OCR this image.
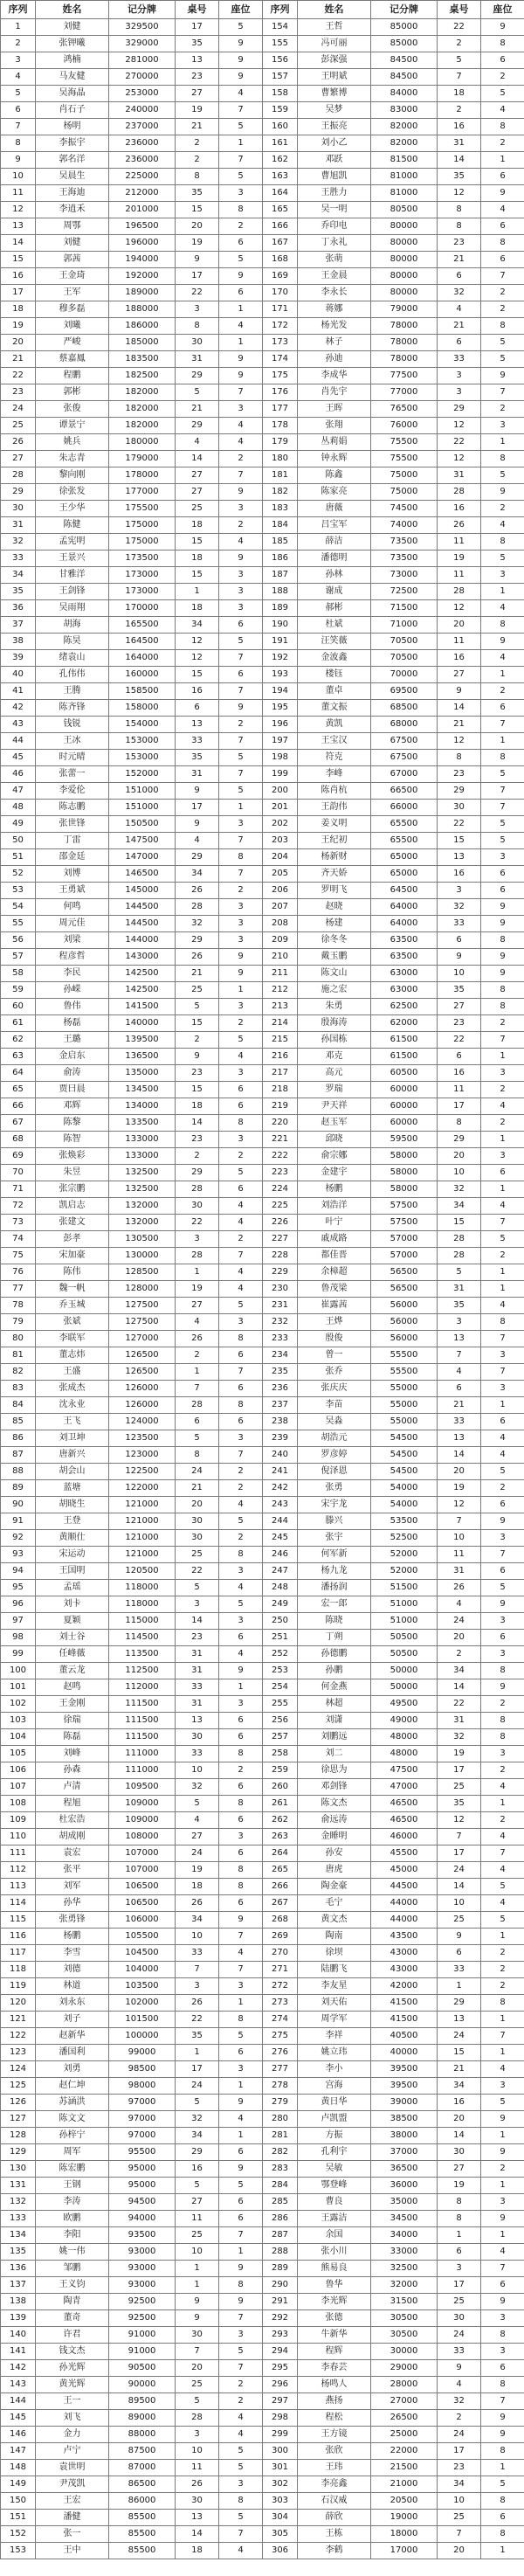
序列	姓名	记分牌	桌号	座位
1	刘健	329500	17	5
2	张钾曦	329000	35	9
3	鸿楠	281000	13	9
4	马友健	270000	23	9
5	吴海晶	253000	27	4
6	肖石子	240000	19	7
7	杨明	237000	21	5
8	李振宇	236000	2	1
9	郭名洋	236000	2	7
10	吴晨生	225000	8	5
11	王海迪	212000	35	3
12	李逍禾	201000	15	8
13	周鄂	196500	20	2
14	刘健	196000	19	6
15	郭茜	194000	9	5
16	王金琦	192000	17	9
17	王军	189000	22	6
18	穆多磊	188000	3	1
19	刘曦	186000	8	4
20	严峻	185000	30	1
21	蔡嘉鳳	183500	31	9
22	程鹏	182500	29	9
23	郭彬	182000	5	7
24	张俊	182000	21	3
25	谭景宁	182000	29	4
26	姚兵	180000	4	4
27	朱志青	179000	14	2
28	黎向刚	178000	27	7
29	徐张发	177000	27	9
30	王少华	175500	25	3
31	陈健	175000	18	2
32	孟宪明	175000	15	4
33	王景兴	173500	18	9
34	甘雅洋	173000	15	3
35	王剑锋	173000	1	3
36	吴雨翔	170000	18	3
37	胡海	165500	34	6
38	陈昊	164500	12	5
39	绪袁山	164000	12	7
40	孔伟伟	160000	15	6
41	王腾	158500	16	7
42	陈齐锋	158000	6	9
43	钱锐	154000	13	2
44	王冰	153000	33	7
45	时元晴	153000	35	5
46	张蕾一	152000	31	7
47	李爱伦	151000	9	5
48	陈志鹏	151000	17	1
49	张世锋	150500	9	3
50	丁雷	147500	4	7
51	邵金廷	147000	29	8
52	刘博	146500	34	7
53	王勇斌	145000	26	2
54	何鸣	144500	28	3
55	周元佳	144500	32	3
56	刘梁	144000	29	3
57	程彦哲	143000	26	9
58	李民	142500	21	9
59	孙嵘	142500	25	1
60	鲁伟	141500	5	3
61	杨磊	140000	15	2
62	王璐	139500	2	5
63	金启东	136500	9	4
64	俞涛	135000	23	3
65	贾曰晨	134500	15	6
66	邓辉	134000	18	6
67	陈黎	133500	14	8
68	陈智	133000	23	3
69	张焕彩	133000	2	2
70	朱昱	132500	29	5
71	张宗鹏	132500	28	6
72	凯启志	132000	30	4
73	张建文	132000	22	4
74	彭孝	130500	3	2
75	宋加豪	130000	28	7
76	陈伟	128500	1	4
77	魏一帆	128000	19	4
78	乔玉城	127500	27	5
79	张斌	127500	4	3
80	李联军	127000	26	8
81	董志炜	126500	2	6
82	王盛	126500	1	7
83	张成杰	126000	7	6
84	沈永业	126000	28	8
85	王飞	124000	6	6
86	刘卫坤	123500	5	3
87	唐新兴	123000	8	7
88	胡会山	122500	24	2
89	蓝塘	122000	21	2
90	胡晓生	121000	20	4
91	王登	121000	30	5
92	黄顺仕	121000	30	2
93	宋运动	121000	25	8
94	王国明	120500	22	3
95	孟瑶	118000	5	4
96	刘卡	118000	3	5
97	夏颖	115000	14	3
98	刘士谷	114500	23	6
99	任峰薇	113500	31	4
100	董云龙	112500	31	9
101	赵鸣	112000	33	1
102	王金刚	111500	31	3
103	徐瑞	111500	13	6
104	陈磊	111500	30	6
105	刘峰	111000	33	8
106	孙森	111000	10	2
107	卢清	109500	32	6
108	程旭	109000	5	8
109	杜宏浩	109000	4	6
110	胡成刚	108000	27	3
111	袁宏	107000	24	6
112	张平	107000	19	8
113	刘军	106500	18	8
114	孙华	106500	26	6
115	张勇锋	106000	34	9
116	杨鹏	105500	10	7
117	李雪	104500	33	4
118	刘德	104000	7	7
119	林道	103500	3	3
120	刘永东	102000	26	1
121	刘子	101500	22	8
122	赵新华	100000	35	5
123	潘国利	99000	1	6
124	刘勇	98500	17	3
125	赵仁坤	98000	24	1
126	苏涵洪	97000	5	9
127	陈文文	97000	32	4
128	孙梓宁	97000	34	1
129	周军	95500	29	6
130	陈宏鹏	95000	16	9
131	王钢	95000	5	5
132	李涛	94500	27	6
133	欧鹏	94000	11	6
134	李阳	93500	25	7
135	姚一伟	93000	10	1
136	邹鹏	93000	1	9
137	王义钧	93000	1	8
138	陶青	92500	9	9
139	董奇	92500	9	7
140	许君	91000	30	3
141	钱文杰	91000	7	5
142	孙光辉	90500	20	7
143	黄光辉	90000	25	2
144	王一	89500	5	2
145	刘飞	89000	28	4
146	金力	88000	3	4
147	卢宁	87500	10	5
148	袁世明	87000	11	5
149	尹茂凯	86500	26	3
150	王宏	86000	30	8
151	潘健	85500	13	5
152	张一	85500	14	7
153	王中	85500	18	4
序列	姓名	记分牌	桌号	座位
154	王哲	85000	22	9
155	冯可丽	85000	2	8
156	彭深强	84500	5	6
157	王明斌	84500	7	2
158	曹繁博	84000	18	5
159	吴梦	83000	2	4
160	王振亮	82000	16	8
161	刘小乙	82000	31	2
162	邓跃	81500	14	1
163	曹旭凯	81000	35	6
164	王胜力	81000	12	9
165	吴一明	80500	8	4
166	乔印电	80000	8	6
167	丁永礼	80000	23	8
168	张萌	80000	21	6
169	王金晨	80000	6	7
170	李永长	80000	32	2
171	蒋娜	79000	4	2
172	杨光发	78000	21	8
173	林子	78000	6	5
174	孙迪	78000	33	5
175	李成华	77500	3	9
176	肖先宇	77000	3	7
177	王晖	76500	29	2
178	张翔	76000	12	3
179	丛莉娟	75500	22	1
180	钟永辉	75500	12	8
181	陈鑫	75000	31	5
182	陈家亮	75000	28	9
183	唐薇	74500	16	2
184	吕宝军	74000	26	4
185	薛洁	73500	11	8
186	潘德明	73500	19	5
187	孙林	73000	11	3
188	谢成	72500	28	1
189	郝彬	71500	12	4
190	杜斌	71000	20	8
191	汪笑薇	70500	11	9
192	金波鑫	70500	16	4
193	楼钰	70000	27	1
194	董卓	69500	9	2
195	董文振	68500	14	6
196	黄凯	68000	21	7
197	王宝汉	67500	12	1
198	符克	67500	8	8
199	李峰	67000	23	5
200	陈肖杭	66500	29	7
201	王韵伟	66000	30	7
202	姜义明	65500	22	5
203	王纪初	65500	15	5
204	杨新财	65000	13	3
205	齐天娇	65000	16	6
206	罗明飞	64500	3	6
207	赵晓	64000	32	9
208	杨建	64000	33	9
209	徐冬冬	63500	6	8
210	戴玉鹏	63500	9	9
211	陈文山	63000	10	9
212	施之宏	63000	35	8
213	朱勇	62500	27	8
214	殷海涛	62000	23	2
215	孙国栋	61500	22	7
216	邓克	61500	6	1
217	高元	60500	16	3
218	罗瑞	60000	11	2
219	尹天祥	60000	17	4
220	赵玉军	60000	8	2
221	邱晓	59500	29	1
222	俞宗娜	58000	20	3
223	金建宇	58000	10	6
224	杨鹏	58000	32	1
225	刘浩洋	57500	34	4
226	叶宁	57500	15	7
227	戚成路	57000	28	5
228	都佳晋	57000	28	2
229	余樟超	56500	5	1
230	鲁茂梁	56500	31	1
231	崔露茜	56000	35	4
232	王烨	56000	3	8
233	殷俊	56000	13	7
234	曾一	55500	7	3
235	张乔	55500	4	7
236	张庆庆	55000	6	3
237	李苗	55000	21	1
238	吴淼	55000	33	6
239	胡浩元	54500	13	4
240	罗彦婷	54500	14	4
241	倪泽恩	54500	20	5
242	张勇	54000	19	2
243	宋宇龙	54000	12	6
244	滕兴	53500	7	9
245	张宇	52500	10	3
246	何军新	52000	11	7
247	杨九龙	52000	31	6
248	潘扬润	51500	26	5
249	宏一郎	51000	4	9
250	陈晓	51000	24	3
251	丁朔	50500	20	6
252	孙德鹏	50500	2	3
253	孙鹏	50000	34	8
254	何金燕	50000	14	9
255	林超	49500	22	2
256	刘潇	49000	31	8
257	刘鹏远	48000	32	8
258	刘二	48000	19	3
259	徐思为	47500	17	2
260	邓剑锋	47000	25	4
261	陈文杰	46500	35	1
262	俞远涛	46500	12	2
263	金睡明	46000	7	4
264	孙安	45500	17	7
265	唐虎	45000	24	4
266	陶金豪	44500	14	5
267	毛宁	44000	10	4
268	黄文杰	44000	25	5
269	陶南	43500	9	1
270	徐坝	43000	6	2
271	陆鹏飞	43000	33	2
272	李友星	42000	1	2
273	刘天佑	41500	29	8
274	周学军	41500	13	1
275	李祥	40500	24	7
276	姚立玮	40000	15	1
277	李小	39500	21	4
278	宫海	39500	34	3
279	黄日华	39000	16	5
280	卢凯盟	38500	20	9
281	方振	38000	14	1
282	孔利宇	37000	30	9
283	吴敏	36500	27	2
284	鄂登峰	36000	19	1
285	曹良	35000	8	3
286	王露洁	34500	8	9
287	余国	34000	1	1
288	张小川	33000	6	4
289	熊易良	32500	3	7
290	鲁华	32000	17	6
291	李光辉	31500	25	9
292	张德	30500	30	3
293	牛新华	30500	24	8
294	程辉	30000	33	3
295	李春芸	29000	9	6
296	杨鸣人	28000	4	8
297	燕扬	27000	32	7
298	程松	26500	2	9
299	王方镜	25000	24	9
300	张欣	22000	17	8
301	王玮	21500	23	1
302	李亮鑫	21000	34	5
303	石汉威	20500	10	8
304	薛欣	19000	25	6
305	王栋	18000	7	8
306	李鹤	17000	20	1
